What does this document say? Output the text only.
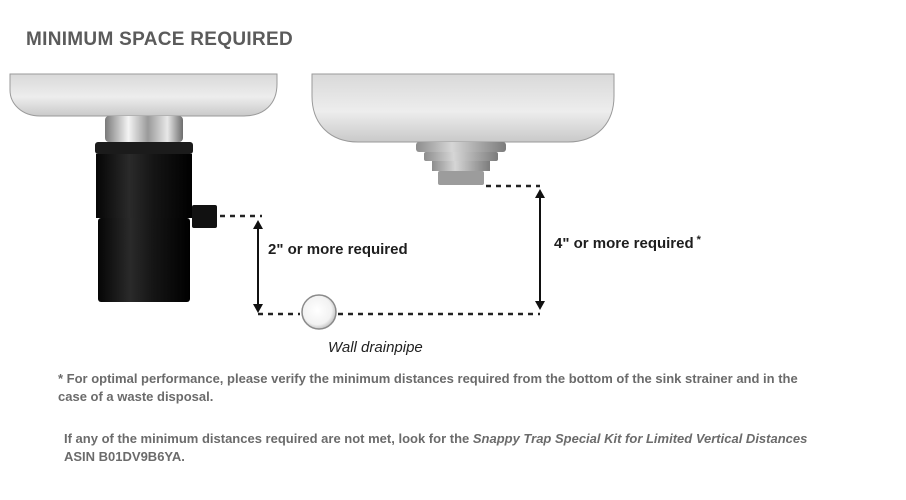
MINIMUM SPACE REQUIRED
2" or more required	4" or more required *
Wall drainpipe
* For optimal performance, please verify the minimum distances required from the bottom of the sink strainer and in the case of a waste disposal.
If any of the minimum distances required are not met, look for the Snappy Trap Special Kit for Limited Vertical Distances ASIN B01DV9B6YA.
